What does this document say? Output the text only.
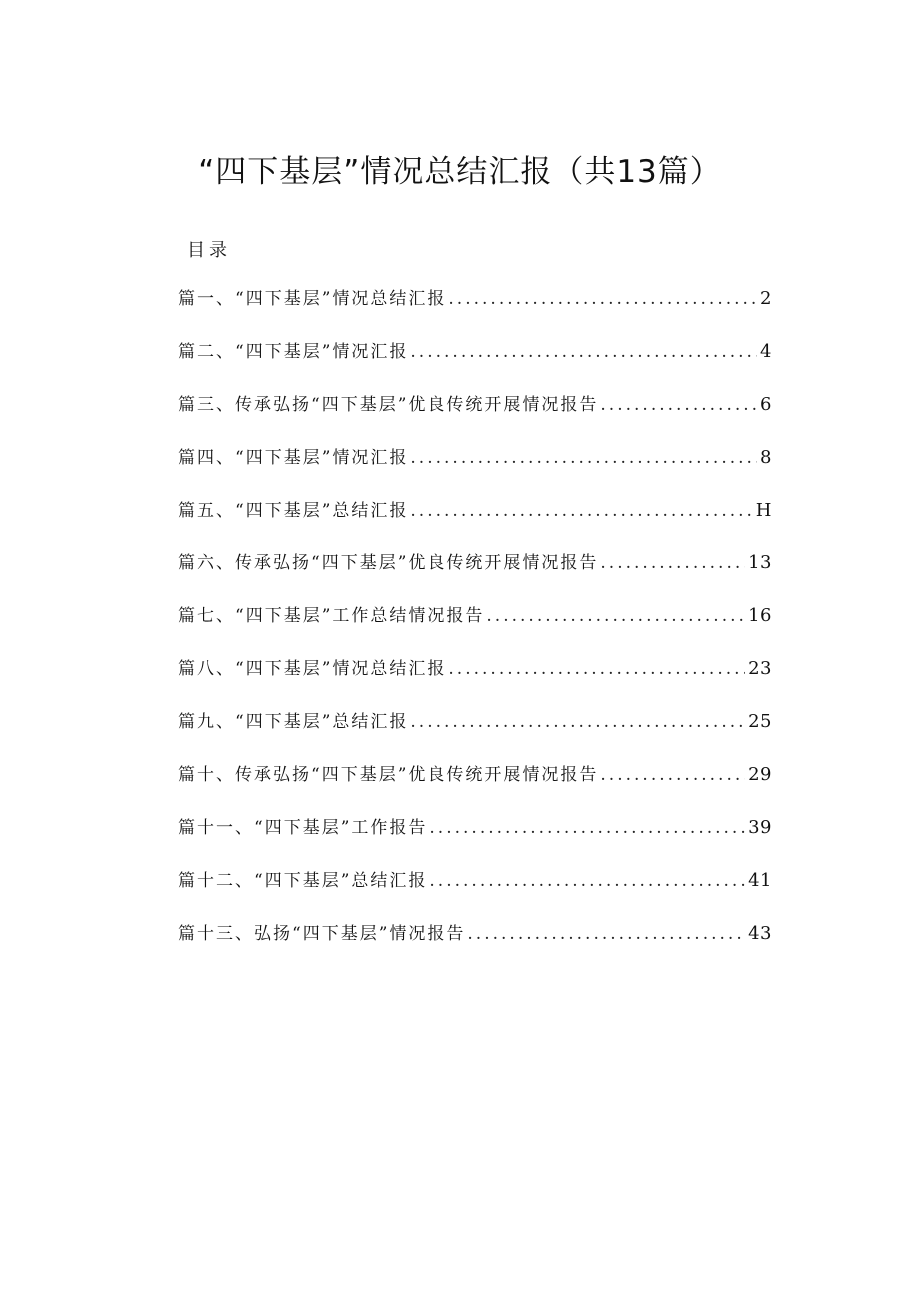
“四下基层”情况总结汇报（共13篇）
目录
篇一、“四下基层”情况总结汇报 .....	2
篇二、“四下基层”情况汇报 .....	4
篇三、传承弘扬“四下基层”优良传统开展情况报告 .....	6
篇四、“四下基层”情况汇报 .....	8
篇五、“四下基层”总结汇报 .....	H
篇六、传承弘扬“四下基层”优良传统开展情况报告 .....	13
篇七、“四下基层”工作总结情况报告 .....	16
篇八、“四下基层”情况总结汇报 .....	23
篇九、“四下基层”总结汇报 .....	25
篇十、传承弘扬“四下基层”优良传统开展情况报告 .....	29
篇十一、“四下基层”工作报告 .....	39
篇十二、“四下基层”总结汇报 .....	41
篇十三、弘扬“四下基层”情况报告 .....	43
